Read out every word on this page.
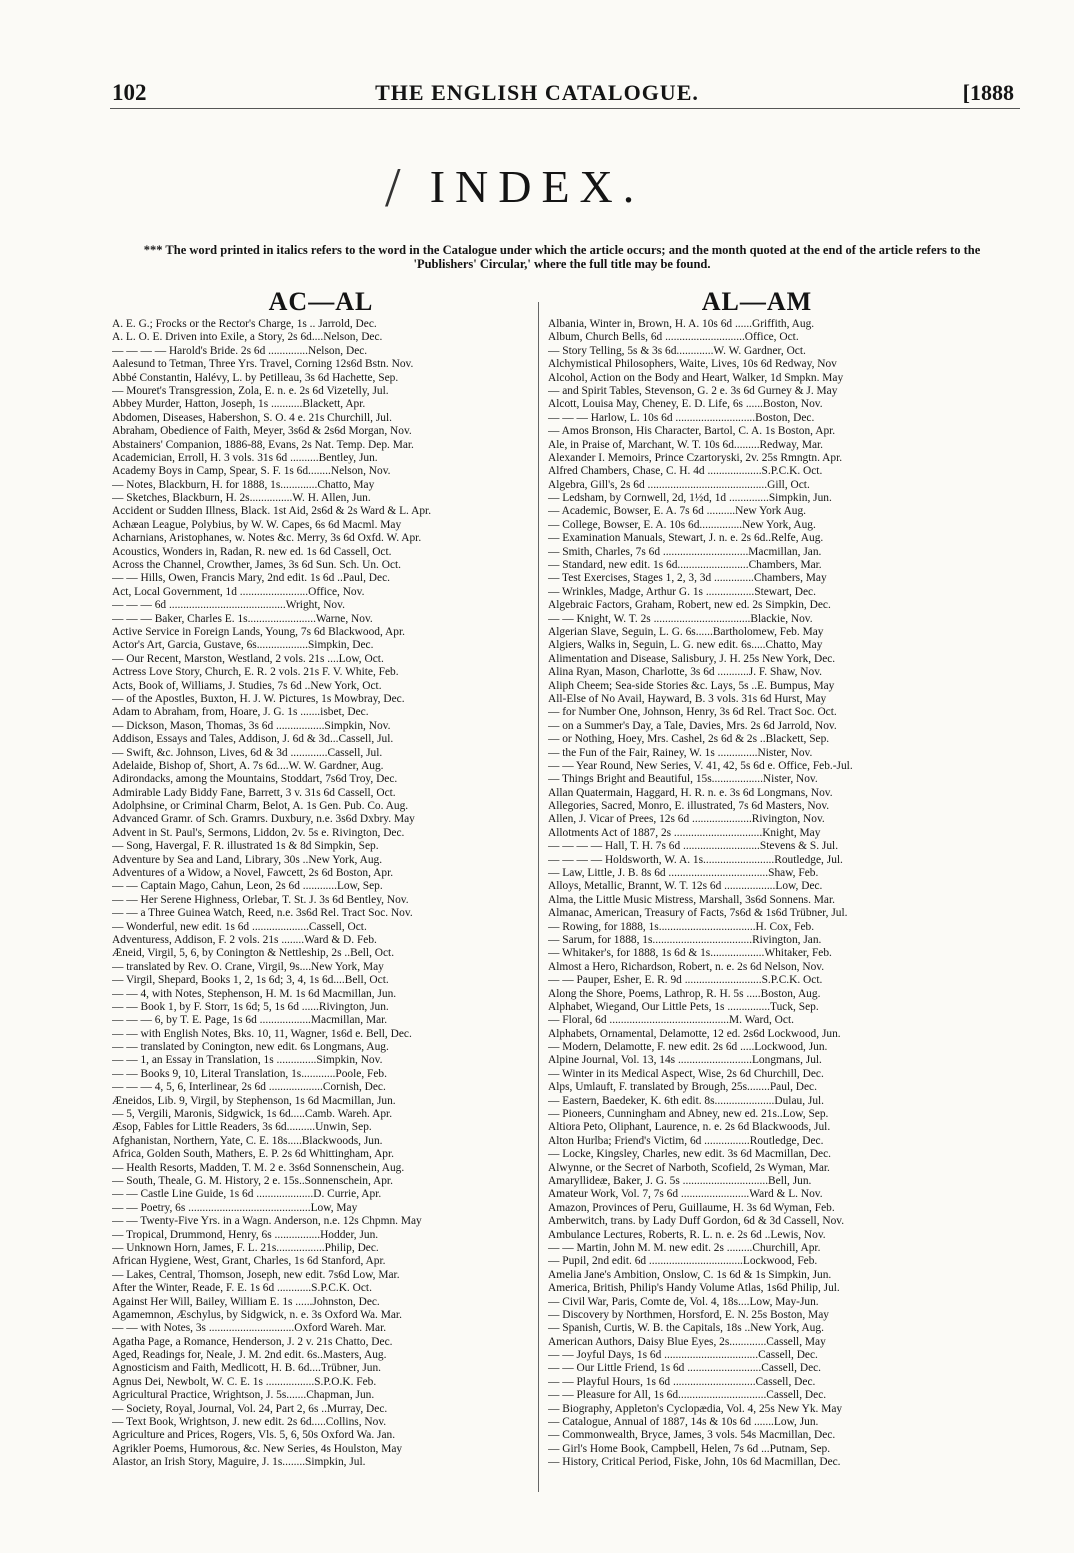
102	THE ENGLISH CATALOGUE.	[1888
/ INDEX.
*** The word printed in italics refers to the word in the Catalogue under which the article occurs; and the month quoted at the end of the article refers to the 'Publishers' Circular,' where the full title may be found.
AC—AL
A. E. G.; Frocks or the Rector's Charge, 1s .. Jarrold, Dec.
A. L. O. E. Driven into Exile, a Story, 2s 6d....Nelson, Dec.
— — — — Harold's Bride. 2s 6d ..............Nelson, Dec.
Aalesund to Tetman, Three Yrs. Travel, Corning 12s6d Bstn. Nov.
Abbé Constantin, Halévy, L. by Petilleau, 3s 6d Hachette, Sep.
— Mouret's Transgression, Zola, E. n. e. 2s 6d Vizetelly, Jul.
Abbey Murder, Hatton, Joseph, 1s ...........Blackett, Apr.
Abdomen, Diseases, Habershon, S. O. 4 e. 21s Churchill, Jul.
Abraham, Obedience of Faith, Meyer, 3s6d & 2s6d Morgan, Nov.
Abstainers' Companion, 1886-88, Evans, 2s Nat. Temp. Dep. Mar.
Academician, Erroll, H. 3 vols. 31s 6d ..........Bentley, Jun.
Academy Boys in Camp, Spear, S. F. 1s 6d........Nelson, Nov.
— Notes, Blackburn, H. for 1888, 1s.............Chatto, May
— Sketches, Blackburn, H. 2s...............W. H. Allen, Jun.
Accident or Sudden Illness, Black. 1st Aid, 2s6d & 2s Ward & L. Apr.
Achæan League, Polybius, by W. W. Capes, 6s 6d Macml. May
Acharnians, Aristophanes, w. Notes &c. Merry, 3s 6d Oxfd. W. Apr.
Acoustics, Wonders in, Radan, R. new ed. 1s 6d Cassell, Oct.
Across the Channel, Crowther, James, 3s 6d Sun. Sch. Un. Oct.
— — Hills, Owen, Francis Mary, 2nd edit. 1s 6d ..Paul, Dec.
Act, Local Government, 1d ........................Office, Nov.
— — — 6d .........................................Wright, Nov.
— — — Baker, Charles E. 1s........................Warne, Nov.
Active Service in Foreign Lands, Young, 7s 6d Blackwood, Apr.
Actor's Art, Garcia, Gustave, 6s..................Simpkin, Dec.
— Our Recent, Marston, Westland, 2 vols. 21s ....Low, Oct.
Actress Love Story, Church, E. R. 2 vols. 21s F. V. White, Feb.
Acts, Book of, Williams, J. Studies, 7s 6d ..New York, Oct.
— of the Apostles, Buxton, H. J. W. Pictures, 1s Mowbray, Dec.
Adam to Abraham, from, Hoare, J. G. 1s .......isbet, Dec.
— Dickson, Mason, Thomas, 3s 6d .................Simpkin, Nov.
Addison, Essays and Tales, Addison, J. 6d & 3d...Cassell, Jul.
— Swift, &c. Johnson, Lives, 6d & 3d .............Cassell, Jul.
Adelaide, Bishop of, Short, A. 7s 6d....W. W. Gardner, Aug.
Adirondacks, among the Mountains, Stoddart, 7s6d Troy, Dec.
Admirable Lady Biddy Fane, Barrett, 3 v. 31s 6d Cassell, Oct.
Adolphsine, or Criminal Charm, Belot, A. 1s Gen. Pub. Co. Aug.
Advanced Gramr. of Sch. Gramrs. Duxbury, n.e. 3s6d Dxbry. May
Advent in St. Paul's, Sermons, Liddon, 2v. 5s e. Rivington, Dec.
— Song, Havergal, F. R. illustrated 1s & 8d Simpkin, Sep.
Adventure by Sea and Land, Library, 30s ..New York, Aug.
Adventures of a Widow, a Novel, Fawcett, 2s 6d Boston, Apr.
— — Captain Mago, Cahun, Leon, 2s 6d ............Low, Sep.
— — Her Serene Highness, Orlebar, T. St. J. 3s 6d Bentley, Nov.
— — a Three Guinea Watch, Reed, n.e. 3s6d Rel. Tract Soc. Nov.
— Wonderful, new edit. 1s 6d ....................Cassell, Oct.
Adventuress, Addison, F. 2 vols. 21s ........Ward & D. Feb.
Æneid, Virgil, 5, 6, by Conington & Nettleship, 2s ..Bell, Oct.
— translated by Rev. O. Crane, Virgil, 9s....New York, May
— Virgil, Shepard, Books 1, 2, 1s 6d; 3, 4, 1s 6d....Bell, Oct.
— — 4, with Notes, Stephenson, H. M. 1s 6d Macmillan, Jun.
— — Book 1, by F. Storr, 1s 6d; 5, 1s 6d ......Rivington, Jun.
— — — 6, by T. E. Page, 1s 6d ..................Macmillan, Mar.
— — with English Notes, Bks. 10, 11, Wagner, 1s6d e. Bell, Dec.
— — translated by Conington, new edit. 6s Longmans, Aug.
— — 1, an Essay in Translation, 1s ..............Simpkin, Nov.
— — Books 9, 10, Literal Translation, 1s............Poole, Feb.
— — — 4, 5, 6, Interlinear, 2s 6d ...................Cornish, Dec.
Æneidos, Lib. 9, Virgil, by Stephenson, 1s 6d Macmillan, Jun.
— 5, Vergili, Maronis, Sidgwick, 1s 6d.....Camb. Wareh. Apr.
Æsop, Fables for Little Readers, 3s 6d..........Unwin, Sep.
Afghanistan, Northern, Yate, C. E. 18s.....Blackwoods, Jun.
Africa, Golden South, Mathers, E. P. 2s 6d Whittingham, Apr.
— Health Resorts, Madden, T. M. 2 e. 3s6d Sonnenschein, Aug.
— South, Theale, G. M. History, 2 e. 15s..Sonnenschein, Apr.
— — Castle Line Guide, 1s 6d ....................D. Currie, Apr.
— — Poetry, 6s ...........................................Low, May
— — Twenty-Five Yrs. in a Wagn. Anderson, n.e. 12s Chpmn. May
— Tropical, Drummond, Henry, 6s ................Hodder, Jun.
— Unknown Horn, James, F. L. 21s.................Philip, Dec.
African Hygiene, West, Grant, Charles, 1s 6d Stanford, Apr.
— Lakes, Central, Thomson, Joseph, new edit. 7s6d Low, Mar.
After the Winter, Reade, F. E. 1s 6d ............S.P.C.K. Oct.
Against Her Will, Bailey, William E. 1s ......Johnston, Dec.
Agamemnon, Æschylus, by Sidgwick, n. e. 3s Oxford Wa. Mar.
— — with Notes, 3s ..............................Oxford Wareh. Mar.
Agatha Page, a Romance, Henderson, J. 2 v. 21s Chatto, Dec.
Aged, Readings for, Neale, J. M. 2nd edit. 6s..Masters, Aug.
Agnosticism and Faith, Medlicott, H. B. 6d....Trübner, Jun.
Agnus Dei, Newbolt, W. C. E. 1s .................S.P.O.K. Feb.
Agricultural Practice, Wrightson, J. 5s.......Chapman, Jun.
— Society, Royal, Journal, Vol. 24, Part 2, 6s ..Murray, Dec.
— Text Book, Wrightson, J. new edit. 2s 6d.....Collins, Nov.
Agriculture and Prices, Rogers, Vls. 5, 6, 50s Oxford Wa. Jan.
Agrikler Poems, Humorous, &c. New Series, 4s Houlston, May
Alastor, an Irish Story, Maguire, J. 1s........Simpkin, Jul.
AL—AM
Albania, Winter in, Brown, H. A. 10s 6d ......Griffith, Aug.
Album, Church Bells, 6d ............................Office, Oct.
— Story Telling, 5s & 3s 6d.............W. W. Gardner, Oct.
Alchymistical Philosophers, Waite, Lives, 10s 6d Redway, Nov
Alcohol, Action on the Body and Heart, Walker, 1d Smpkn. May
— and Spirit Tables, Stevenson, G. 2 e. 3s 6d Gurney & J. May
Alcott, Louisa May, Cheney, E. D. Life, 6s ......Boston, Nov.
— — — Harlow, L. 10s 6d ............................Boston, Dec.
— Amos Bronson, His Character, Bartol, C. A. 1s Boston, Apr.
Ale, in Praise of, Marchant, W. T. 10s 6d.........Redway, Mar.
Alexander I. Memoirs, Prince Czartoryski, 2v. 25s Rmngtn. Apr.
Alfred Chambers, Chase, C. H. 4d ...................S.P.C.K. Oct.
Algebra, Gill's, 2s 6d ..........................................Gill, Oct.
— Ledsham, by Cornwell, 2d, 1½d, 1d ..............Simpkin, Jun.
— Academic, Bowser, E. A. 7s 6d ..........New York Aug.
— College, Bowser, E. A. 10s 6d...............New York, Aug.
— Examination Manuals, Stewart, J. n. e. 2s 6d..Relfe, Aug.
— Smith, Charles, 7s 6d ..............................Macmillan, Jan.
— Standard, new edit. 1s 6d.........................Chambers, Mar.
— Test Exercises, Stages 1, 2, 3, 3d ..............Chambers, May
— Wrinkles, Madge, Arthur G. 1s .................Stewart, Dec.
Algebraic Factors, Graham, Robert, new ed. 2s Simpkin, Dec.
— — Knight, W. T. 2s ..................................Blackie, Nov.
Algerian Slave, Seguin, L. G. 6s......Bartholomew, Feb. May
Algiers, Walks in, Seguin, L. G. new edit. 6s.....Chatto, May
Alimentation and Disease, Salisbury, J. H. 25s New York, Dec.
Alina Ryan, Mason, Charlotte, 3s 6d ...........J. F. Shaw, Nov.
Aliph Cheem; Sea-side Stories &c. Lays, 5s ..E. Bumpus, May
All-Else of No Avail, Hayward, B. 3 vols. 31s 6d Hurst, May
— for Number One, Johnson, Henry, 3s 6d Rel. Tract Soc. Oct.
— on a Summer's Day, a Tale, Davies, Mrs. 2s 6d Jarrold, Nov.
— or Nothing, Hoey, Mrs. Cashel, 2s 6d & 2s ..Blackett, Sep.
— the Fun of the Fair, Rainey, W. 1s ..............Nister, Nov.
— — Year Round, New Series, V. 41, 42, 5s 6d e. Office, Feb.-Jul.
— Things Bright and Beautiful, 15s..................Nister, Nov.
Allan Quatermain, Haggard, H. R. n. e. 3s 6d Longmans, Nov.
Allegories, Sacred, Monro, E. illustrated, 7s 6d Masters, Nov.
Allen, J. Vicar of Prees, 12s 6d .....................Rivington, Nov.
Allotments Act of 1887, 2s ...............................Knight, May
— — — — Hall, T. H. 7s 6d ...........................Stevens & S. Jul.
— — — — Holdsworth, W. A. 1s.........................Routledge, Jul.
— Law, Little, J. B. 8s 6d ...................................Shaw, Feb.
Alloys, Metallic, Brannt, W. T. 12s 6d ..................Low, Dec.
Alma, the Little Music Mistress, Marshall, 3s6d Sonnens. Mar.
Almanac, American, Treasury of Facts, 7s6d & 1s6d Trübner, Jul.
— Rowing, for 1888, 1s..................................H. Cox, Feb.
— Sarum, for 1888, 1s...................................Rivington, Jan.
— Whitaker's, for 1888, 1s 6d & 1s...................Whitaker, Feb.
Almost a Hero, Richardson, Robert, n. e. 2s 6d Nelson, Nov.
— — Pauper, Esher, E. R. 9d ...........................S.P.C.K. Oct.
Along the Shore, Poems, Lathrop, R. H. 5s .....Boston, Aug.
Alphabet, Wiegand, Our Little Pets, 1s ...............Tuck, Sep.
— Floral, 6d ..........................................M. Ward, Oct.
Alphabets, Ornamental, Delamotte, 12 ed. 2s6d Lockwood, Jun.
— Modern, Delamotte, F. new edit. 2s 6d .....Lockwood, Jun.
Alpine Journal, Vol. 13, 14s ..........................Longmans, Jul.
— Winter in its Medical Aspect, Wise, 2s 6d Churchill, Dec.
Alps, Umlauft, F. translated by Brough, 25s........Paul, Dec.
— Eastern, Baedeker, K. 6th edit. 8s.....................Dulau, Jul.
— Pioneers, Cunningham and Abney, new ed. 21s..Low, Sep.
Altiora Peto, Oliphant, Laurence, n. e. 2s 6d Blackwoods, Jul.
Alton Hurlba; Friend's Victim, 6d ................Routledge, Dec.
— Locke, Kingsley, Charles, new edit. 3s 6d Macmillan, Dec.
Alwynne, or the Secret of Narboth, Scofield, 2s Wyman, Mar.
Amaryllideæ, Baker, J. G. 5s ..............................Bell, Jun.
Amateur Work, Vol. 7, 7s 6d ........................Ward & L. Nov.
Amazon, Provinces of Peru, Guillaume, H. 3s 6d Wyman, Feb.
Amberwitch, trans. by Lady Duff Gordon, 6d & 3d Cassell, Nov.
Ambulance Lectures, Roberts, R. L. n. e. 2s 6d ..Lewis, Nov.
— — Martin, John M. M. new edit. 2s .........Churchill, Apr.
— Pupil, 2nd edit. 6d .................................Lockwood, Feb.
Amelia Jane's Ambition, Onslow, C. 1s 6d & 1s Simpkin, Jun.
America, British, Philip's Handy Volume Atlas, 1s6d Philip, Jul.
— Civil War, Paris, Comte de, Vol. 4, 18s....Low, May-Jun.
— Discovery by Northmen, Horsford, E. N. 25s Boston, May
— Spanish, Curtis, W. B. the Capitals, 18s ..New York, Aug.
American Authors, Daisy Blue Eyes, 2s.............Cassell, May
— — Joyful Days, 1s 6d .................................Cassell, Dec.
— — Our Little Friend, 1s 6d ..........................Cassell, Dec.
— — Playful Hours, 1s 6d .............................Cassell, Dec.
— — Pleasure for All, 1s 6d...............................Cassell, Dec.
— Biography, Appleton's Cyclopædia, Vol. 4, 25s New Yk. May
— Catalogue, Annual of 1887, 14s & 10s 6d .......Low, Jun.
— Commonwealth, Bryce, James, 3 vols. 54s Macmillan, Dec.
— Girl's Home Book, Campbell, Helen, 7s 6d ...Putnam, Sep.
— History, Critical Period, Fiske, John, 10s 6d Macmillan, Dec.
